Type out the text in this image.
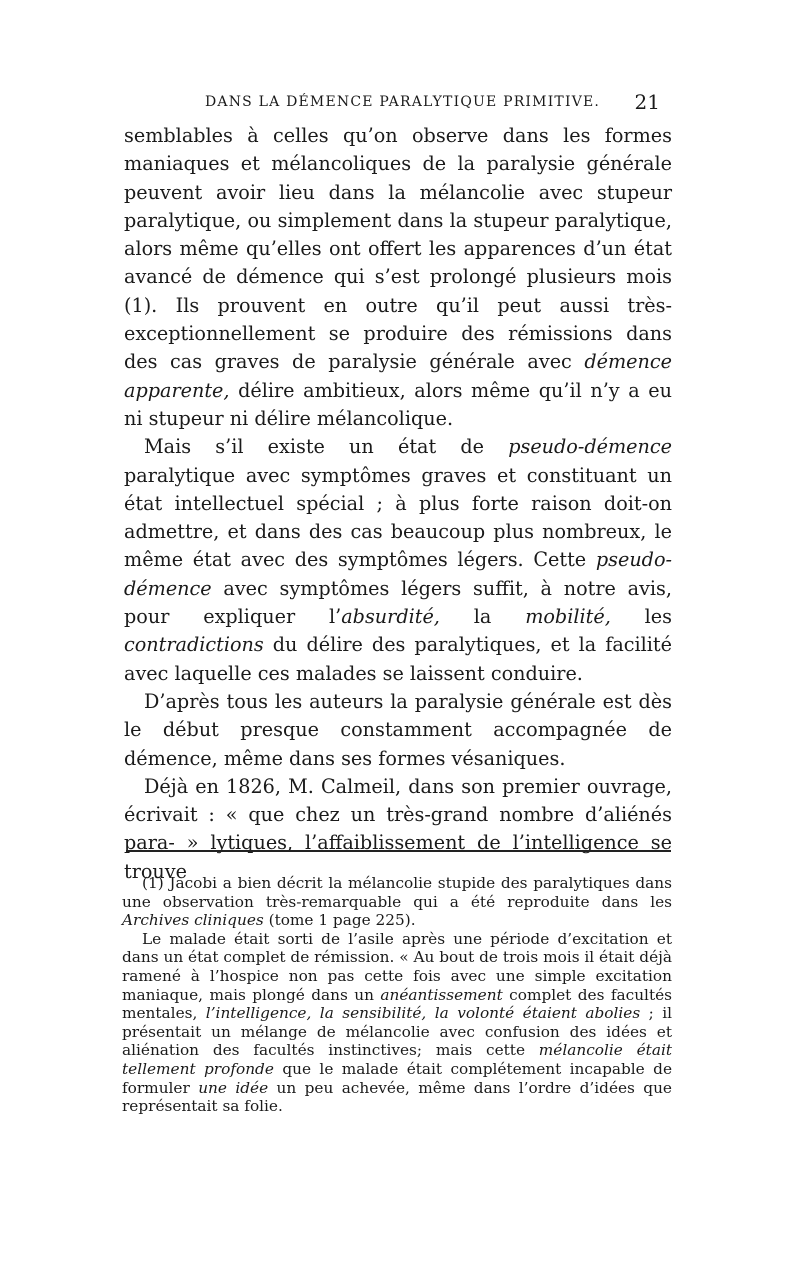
DANS LA DÉMENCE PARALYTIQUE PRIMITIVE. 21

semblables à celles qu’on observe dans les formes maniaques et mélancoliques de la paralysie générale peuvent avoir lieu dans la mélancolie avec stupeur paralytique, ou simplement dans la stupeur paralytique, alors même qu’elles ont offert les apparences d’un état avancé de démence qui s’est prolongé plusieurs mois (1). Ils prouvent en outre qu’il peut aussi très-exceptionnellement se produire des rémissions dans des cas graves de paralysie générale avec démence apparente, délire ambitieux, alors même qu’il n’y a eu ni stupeur ni délire mélancolique.

Mais s’il existe un état de pseudo-démence paralytique avec symptômes graves et constituant un état intellectuel spécial ; à plus forte raison doit-on admettre, et dans des cas beaucoup plus nombreux, le même état avec des symptômes légers. Cette pseudo-démence avec symptômes légers suffit, à notre avis, pour expliquer l’absurdité, la mobilité, les contradictions du délire des paralytiques, et la facilité avec laquelle ces malades se laissent conduire.

D’après tous les auteurs la paralysie générale est dès le début presque constamment accompagnée de démence, même dans ses formes vésaniques.

Déjà en 1826, M. Calmeil, dans son premier ouvrage, écrivait : « que chez un très-grand nombre d’aliénés para- » lytiques, l’affaiblissement de l’intelligence se trouve

(1) Jacobi a bien décrit la mélancolie stupide des paralytiques dans une observation très-remarquable qui a été reproduite dans les Archives cliniques (tome 1 page 225).

Le malade était sorti de l’asile après une période d’excitation et dans un état complet de rémission. « Au bout de trois mois il était déjà ramené à l’hospice non pas cette fois avec une simple excitation maniaque, mais plongé dans un anéantissement complet des facultés mentales, l’intelligence, la sensibilité, la volonté étaient abolies ; il présentait un mélange de mélancolie avec confusion des idées et aliénation des facultés instinctives; mais cette mélancolie était tellement profonde que le malade était complétement incapable de formuler une idée un peu achevée, même dans l’ordre d’idées que représentait sa folie.
